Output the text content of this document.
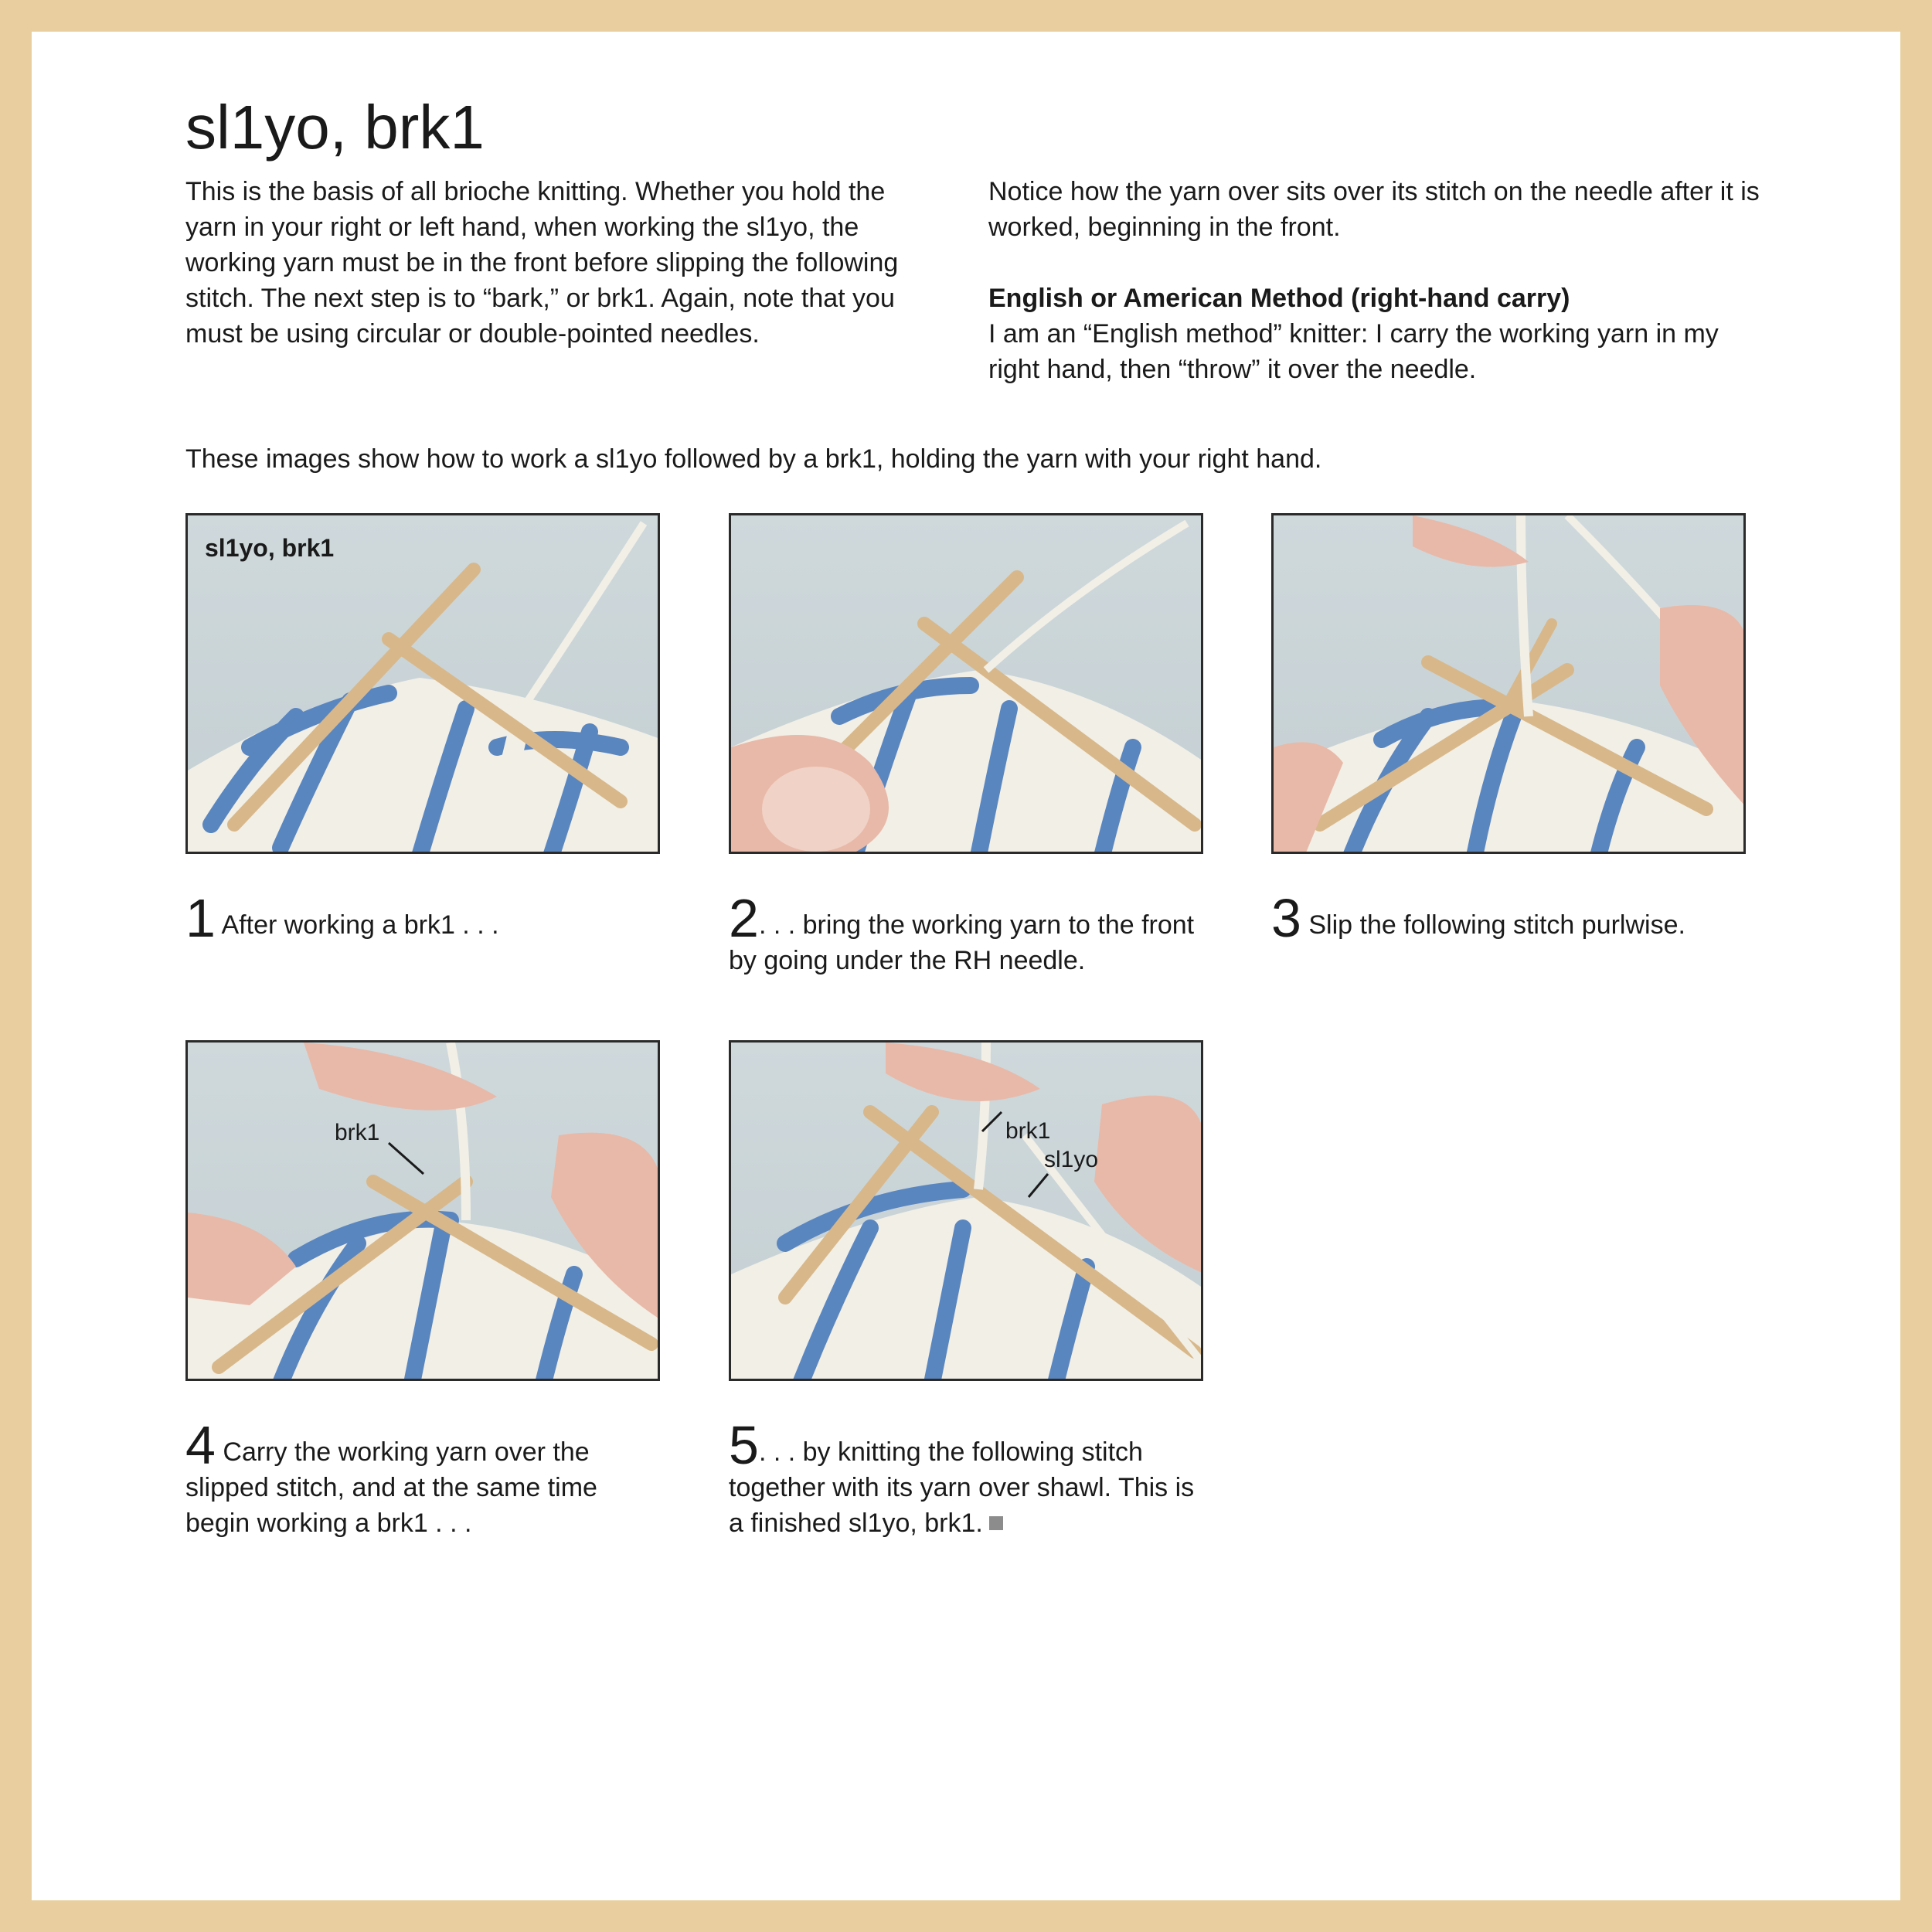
sl1yo, brk1

This is the basis of all brioche knitting. Whether you hold the yarn in your right or left hand, when working the sl1yo, the working yarn must be in the front before slipping the following stitch. The next step is to “bark,” or brk1. Again, note that you must be using circular or double-pointed needles.

Notice how the yarn over sits over its stitch on the needle after it is worked, beginning in the front.

English or American Method (right-hand carry)

I am an “English method” knitter: I carry the working yarn in my right hand, then “throw” it over the needle.

These images show how to work a sl1yo followed by a brk1, holding the yarn with your right hand.

sl1yo, brk1
brk1	brk1
sl1yo
1 After working a brk1 . . .	2. . . bring the working yarn to the front by going under the RH needle.
3 Slip the following stitch purlwise.
4 Carry the working yarn over the slipped stitch, and at the same time begin working a brk1 . . .
5. . . by knitting the following stitch together with its yarn over shawl. This is a finished sl1yo, brk1.
